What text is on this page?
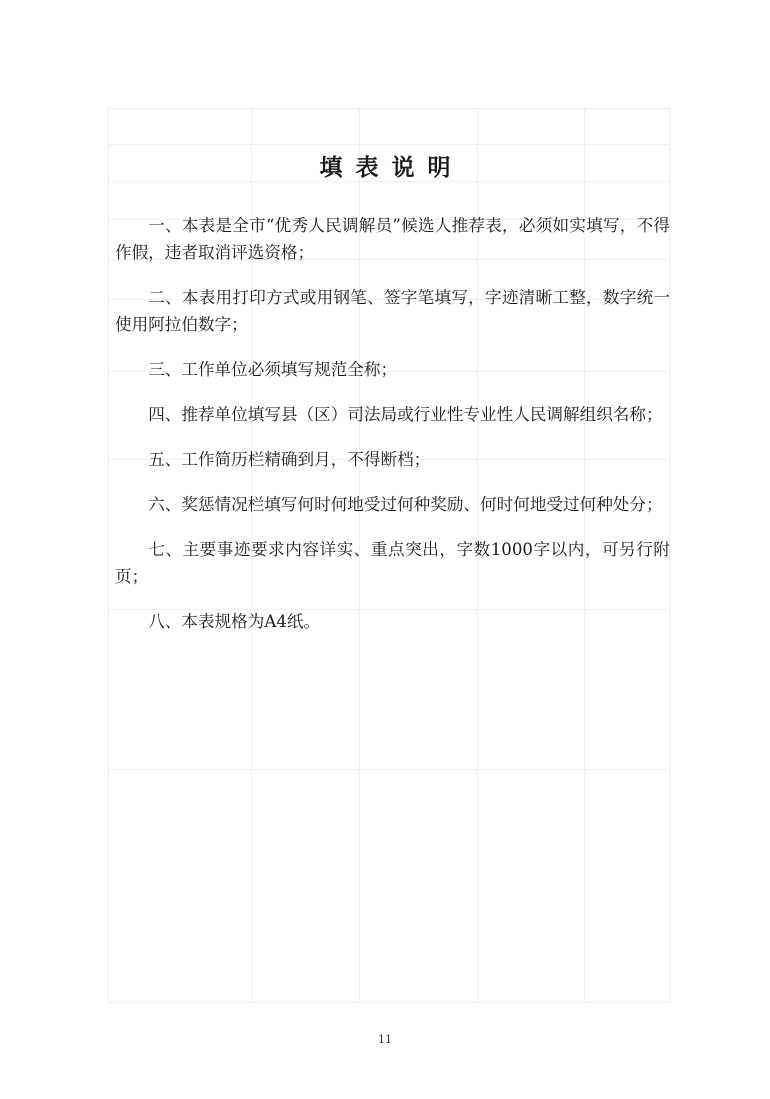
填表说明

一、本表是全市“优秀人民调解员”候选人推荐表，必须如实填写，不得作假，违者取消评选资格；

二、本表用打印方式或用钢笔、签字笔填写，字迹清晰工整，数字统一使用阿拉伯数字；

三、工作单位必须填写规范全称；

四、推荐单位填写县（区）司法局或行业性专业性人民调解组织名称；

五、工作简历栏精确到月，不得断档；

六、奖惩情况栏填写何时何地受过何种奖励、何时何地受过何种处分；

七、主要事迹要求内容详实、重点突出，字数1000字以内，可另行附页；

八、本表规格为A4纸。

11
